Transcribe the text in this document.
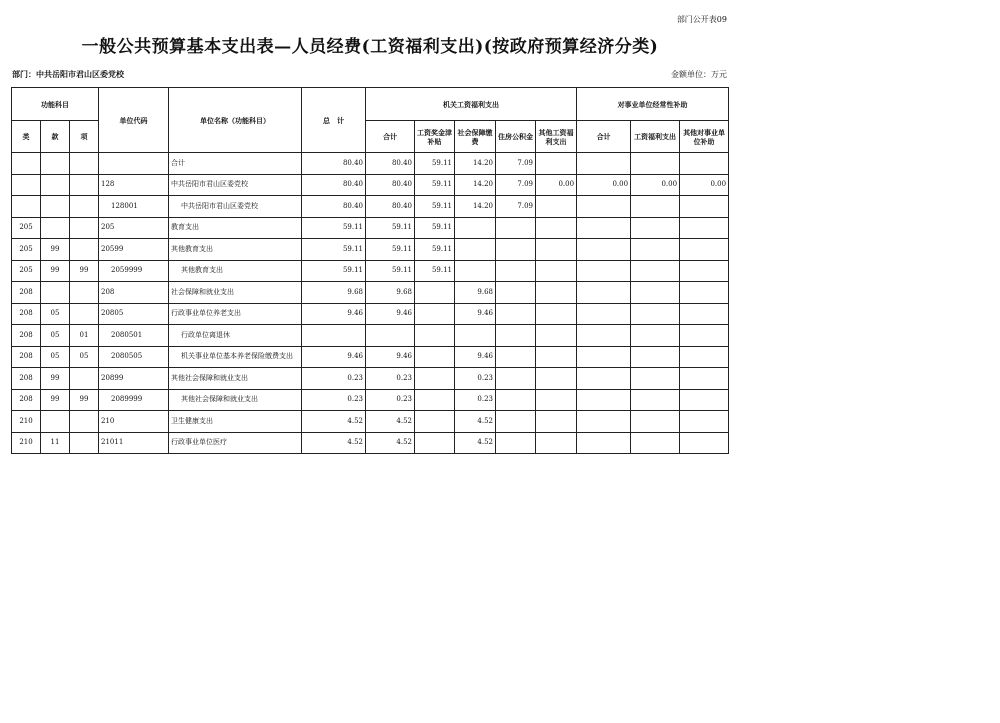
部门公开表09
一般公共预算基本支出表—人员经费(工资福利支出)(按政府预算经济分类)
部门：中共岳阳市君山区委党校	金额单位：万元
功能科目			单位代码	单位名称（功能科目）	总　计	机关工资福利支出					对事业单位经常性补助		
类	款	项				合计	工资奖金津补贴	社会保障缴费	住房公积金	其他工资福利支出	合计	工资福利支出	其他对事业单位补助
				合计	80.40	80.40	59.11	14.20	7.09				
			128	中共岳阳市君山区委党校	80.40	80.40	59.11	14.20	7.09	0.00	0.00	0.00	0.00
			128001	中共岳阳市君山区委党校	80.40	80.40	59.11	14.20	7.09				
205			205	教育支出	59.11	59.11	59.11						
205	99		20599	其他教育支出	59.11	59.11	59.11						
205	99	99	2059999	其他教育支出	59.11	59.11	59.11						
208			208	社会保障和就业支出	9.68	9.68		9.68					
208	05		20805	行政事业单位养老支出	9.46	9.46		9.46					
208	05	01	2080501	行政单位离退休									
208	05	05	2080505	机关事业单位基本养老保险缴费支出	9.46	9.46		9.46					
208	99		20899	其他社会保障和就业支出	0.23	0.23		0.23					
208	99	99	2089999	其他社会保障和就业支出	0.23	0.23		0.23					
210			210	卫生健康支出	4.52	4.52		4.52					
210	11		21011	行政事业单位医疗	4.52	4.52		4.52					
